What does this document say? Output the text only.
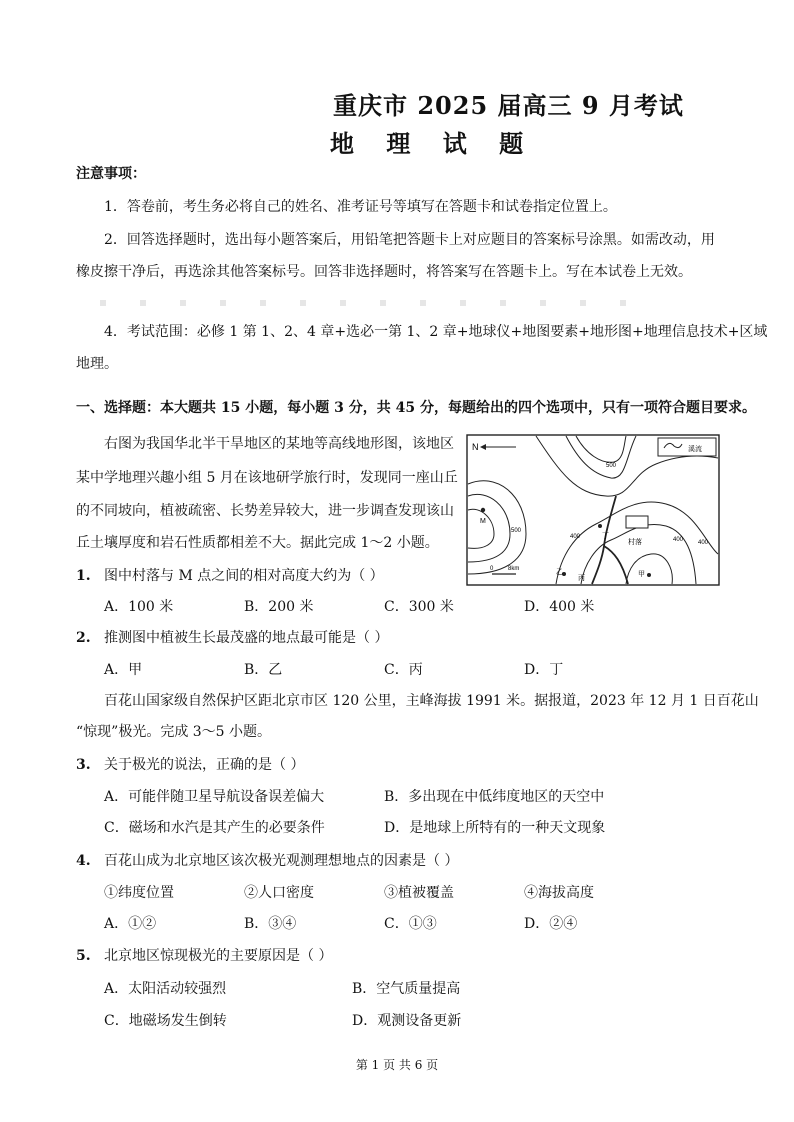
重庆市 2025 届高三 9 月考试
地 理 试 题
注意事项：
1．答卷前，考生务必将自己的姓名、准考证号等填写在答题卡和试卷指定位置上。
2．回答选择题时，选出每小题答案后，用铅笔把答题卡上对应题目的答案标号涂黑。如需改动，用
橡皮擦干净后，再选涂其他答案标号。回答非选择题时，将答案写在答题卡上。写在本试卷上无效。
4．考试范围：必修 1 第 1、2、4 章+选必一第 1、2 章+地球仪+地图要素+地形图+地理信息技术+区域
地理。
一、选择题：本大题共 15 小题，每小题 3 分，共 45 分，每题给出的四个选项中，只有一项符合题目要求。
右图为我国华北半干旱地区的某地等高线地形图，该地区
某中学地理兴趣小组 5 月在该地研学旅行时，发现同一座山丘
的不同坡向，植被疏密、长势差异较大，进一步调查发现该山
丘土壤厚度和岩石性质都相差不大。据此完成 1～2 小题。
N	溪流
村落
M
丁
乙
丙
甲
500
500
400	400 400
0 8km
1. 图中村落与 M 点之间的相对高度大约为（ ）
A．100 米	B．200 米	C．300 米	D．400 米
2. 推测图中植被生长最茂盛的地点最可能是（ ）
A．甲	B．乙	C．丙	D．丁
百花山国家级自然保护区距北京市区 120 公里，主峰海拔 1991 米。据报道，2023 年 12 月 1 日百花山
“惊现”极光。完成 3～5 小题。
3. 关于极光的说法，正确的是（ ）
A．可能伴随卫星导航设备误差偏大	B．多出现在中低纬度地区的天空中
C．磁场和水汽是其产生的必要条件	D．是地球上所特有的一种天文现象
4. 百花山成为北京地区该次极光观测理想地点的因素是（ ）
①纬度位置	②人口密度	③植被覆盖	④海拔高度
A．①②	B．③④	C．①③	D．②④
5. 北京地区惊现极光的主要原因是（ ）
A．太阳活动较强烈	B．空气质量提高
C．地磁场发生倒转	D．观测设备更新
第 1 页 共 6 页
